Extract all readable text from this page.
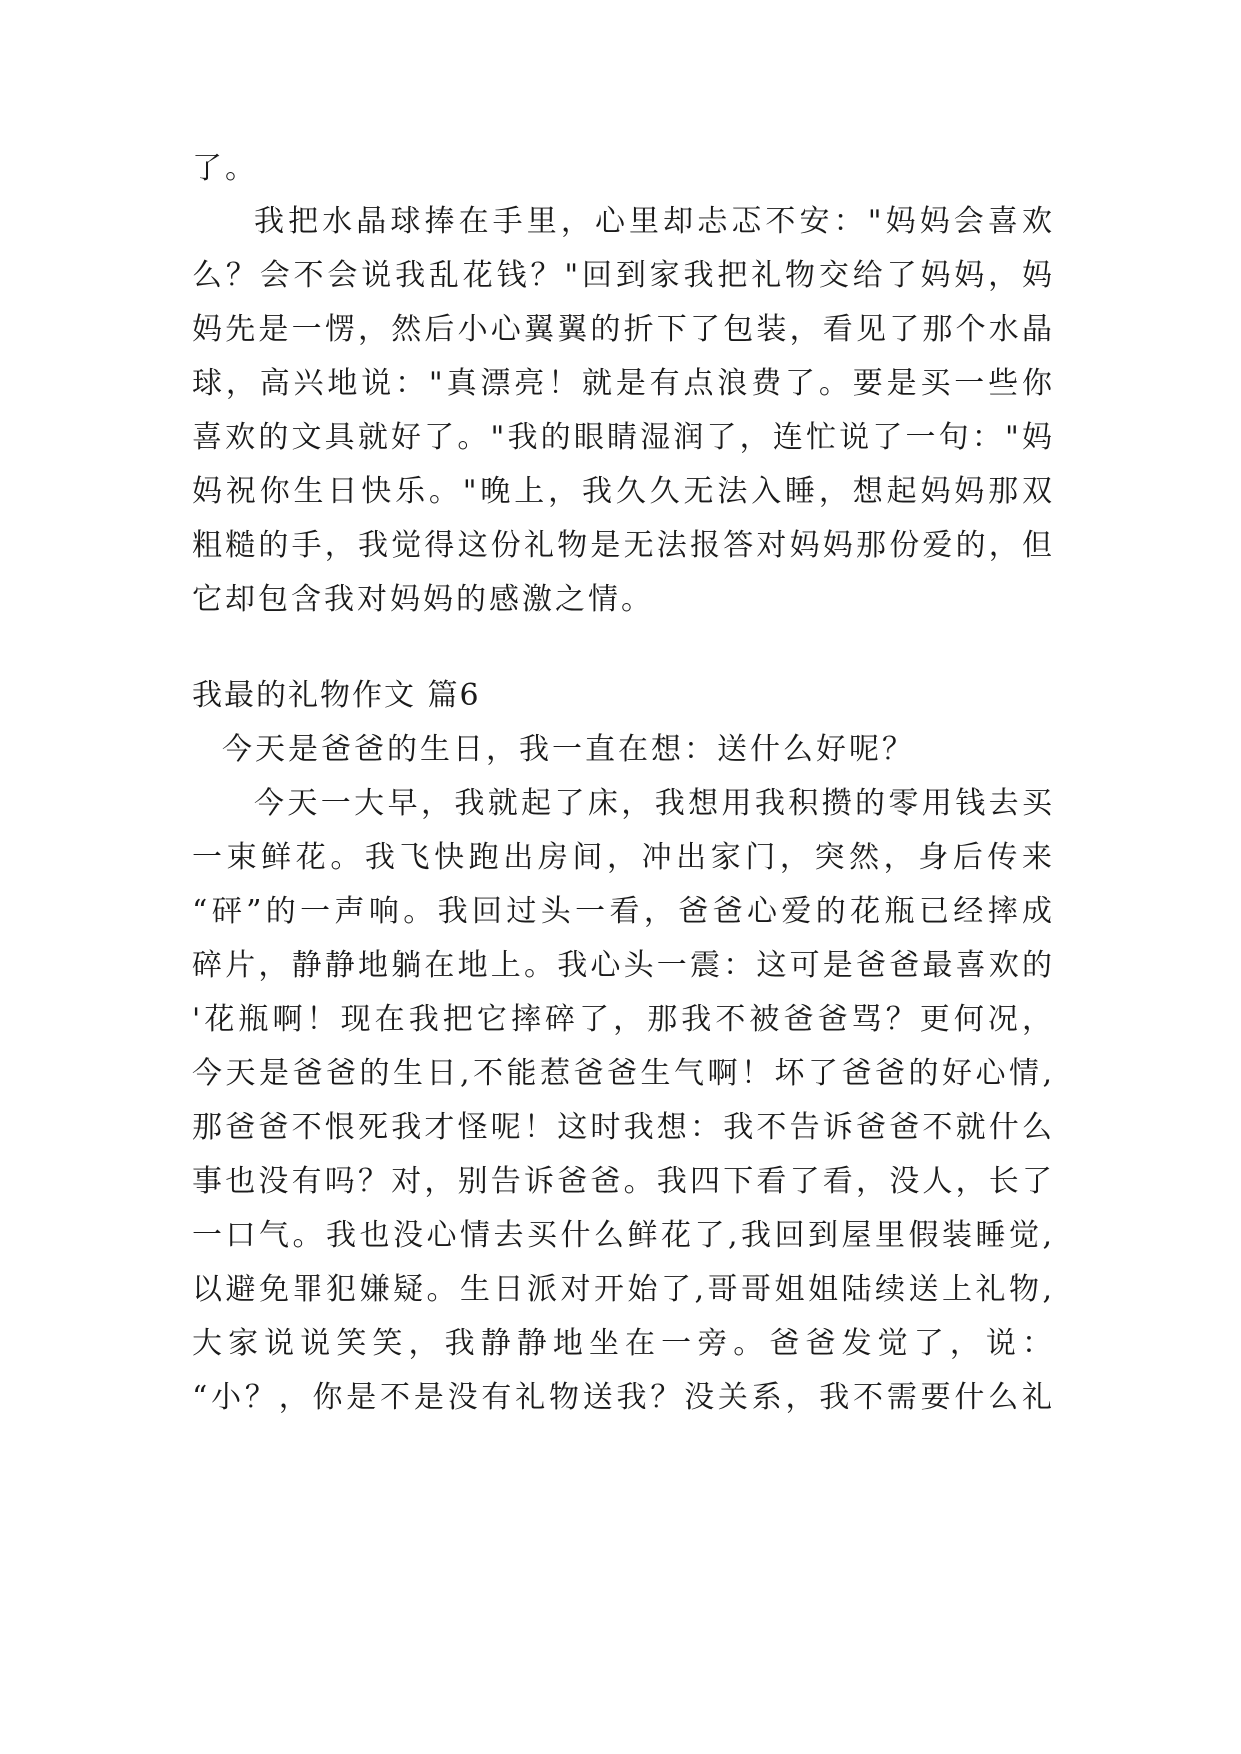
了。
我把水晶球捧在手里，心里却忐忑不安："妈妈会喜欢
么？会不会说我乱花钱？"回到家我把礼物交给了妈妈，妈
妈先是一愣，然后小心翼翼的折下了包装，看见了那个水晶
球，高兴地说："真漂亮！就是有点浪费了。要是买一些你
喜欢的文具就好了。"我的眼睛湿润了，连忙说了一句："妈
妈祝你生日快乐。"晚上，我久久无法入睡，想起妈妈那双
粗糙的手，我觉得这份礼物是无法报答对妈妈那份爱的，但
它却包含我对妈妈的感激之情。
我最的礼物作文 篇6
今天是爸爸的生日，我一直在想：送什么好呢？
今天一大早，我就起了床，我想用我积攒的零用钱去买
一束鲜花。我飞快跑出房间，冲出家门，突然，身后传来
“砰”的一声响。我回过头一看，爸爸心爱的花瓶已经摔成
碎片，静静地躺在地上。我心头一震：这可是爸爸最喜欢的
'花瓶啊！现在我把它摔碎了，那我不被爸爸骂？更何况，
今天是爸爸的生日,不能惹爸爸生气啊！坏了爸爸的好心情,
那爸爸不恨死我才怪呢！这时我想：我不告诉爸爸不就什么
事也没有吗？对，别告诉爸爸。我四下看了看，没人，长了
一口气。我也没心情去买什么鲜花了,我回到屋里假装睡觉,
以避免罪犯嫌疑。生日派对开始了,哥哥姐姐陆续送上礼物,
大家说说笑笑，我静静地坐在一旁。爸爸发觉了，说：
“小？，你是不是没有礼物送我？没关系，我不需要什么礼
